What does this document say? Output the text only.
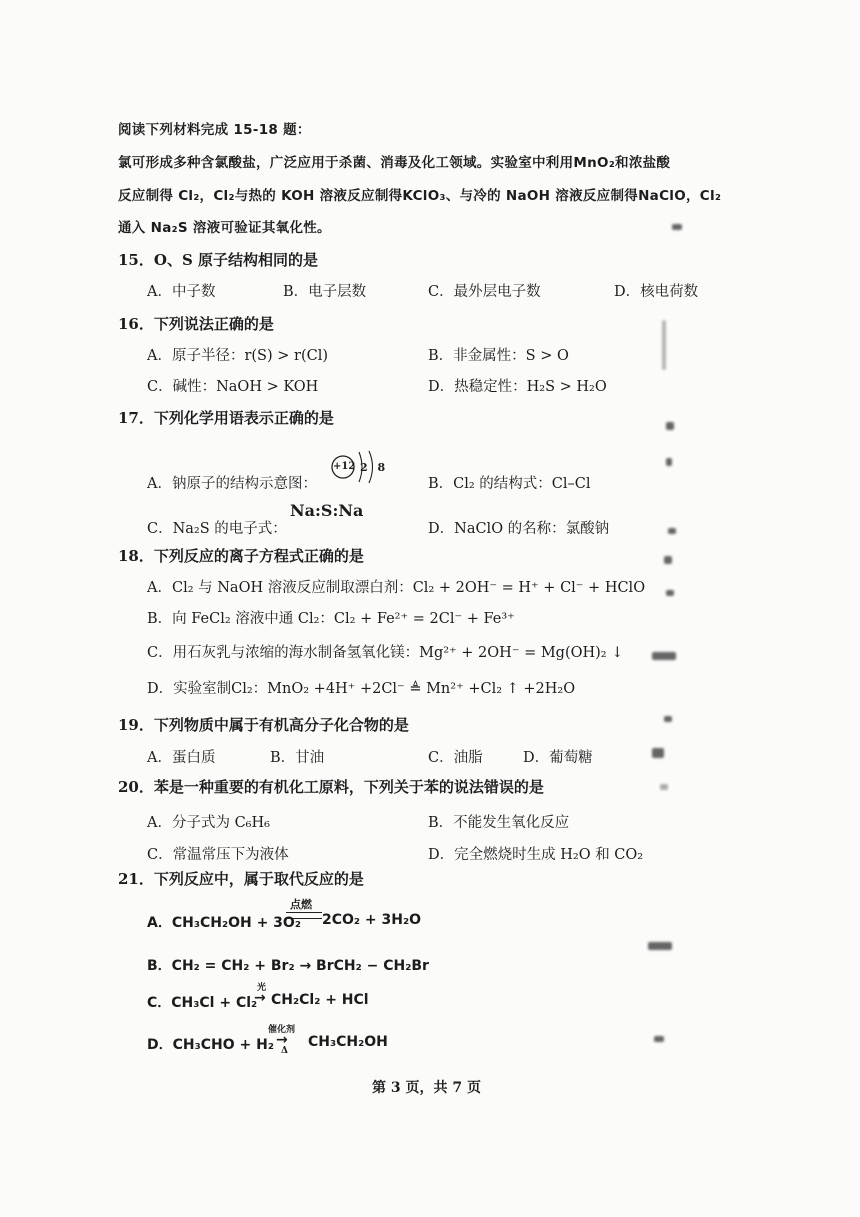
阅读下列材料完成 15-18 题：
氯可形成多种含氯酸盐，广泛应用于杀菌、消毒及化工领域。实验室中利用MnO₂和浓盐酸
反应制得 Cl₂，Cl₂与热的 KOH 溶液反应制得KClO₃、与冷的 NaOH 溶液反应制得NaClO，Cl₂
通入 Na₂S 溶液可验证其氧化性。
15．O、S 原子结构相同的是
A．中子数	B．电子层数	C．最外层电子数	D．核电荷数
16．下列说法正确的是
A．原子半径：r(S) > r(Cl)	B．非金属性：S > O
C．碱性：NaOH > KOH	D．热稳定性：H₂S > H₂O
17．下列化学用语表示正确的是
A．钠原子的结构示意图：
+12 2 8
B．Cl₂ 的结构式：Cl–Cl
C．Na₂S 的电子式：
Na:S:Na
D．NaClO 的名称：氯酸钠
18．下列反应的离子方程式正确的是
A．Cl₂ 与 NaOH 溶液反应制取漂白剂：Cl₂ + 2OH⁻ = H⁺ + Cl⁻ + HClO
B．向 FeCl₂ 溶液中通 Cl₂：Cl₂ + Fe²⁺ = 2Cl⁻ + Fe³⁺
C．用石灰乳与浓缩的海水制备氢氧化镁：Mg²⁺ + 2OH⁻ = Mg(OH)₂ ↓
D．实验室制Cl₂：MnO₂ +4H⁺ +2Cl⁻ ≜ Mn²⁺ +Cl₂ ↑ +2H₂O
19．下列物质中属于有机高分子化合物的是
A．蛋白质	B．甘油	C．油脂	D．葡萄糖
20．苯是一种重要的有机化工原料，下列关于苯的说法错误的是
A．分子式为 C₆H₆	B．不能发生氧化反应
C．常温常压下为液体	D．完全燃烧时生成 H₂O 和 CO₂
21．下列反应中，属于取代反应的是
A．CH₃CH₂OH + 3O₂
点燃
2CO₂ + 3H₂O
B．CH₂ = CH₂ + Br₂ → BrCH₂ − CH₂Br
C．CH₃Cl + Cl₂
光
→ CH₂Cl₂ + HCl
D．CH₃CHO + H₂
催化剂
→
Δ
CH₃CH₂OH
第 3 页，共 7 页
